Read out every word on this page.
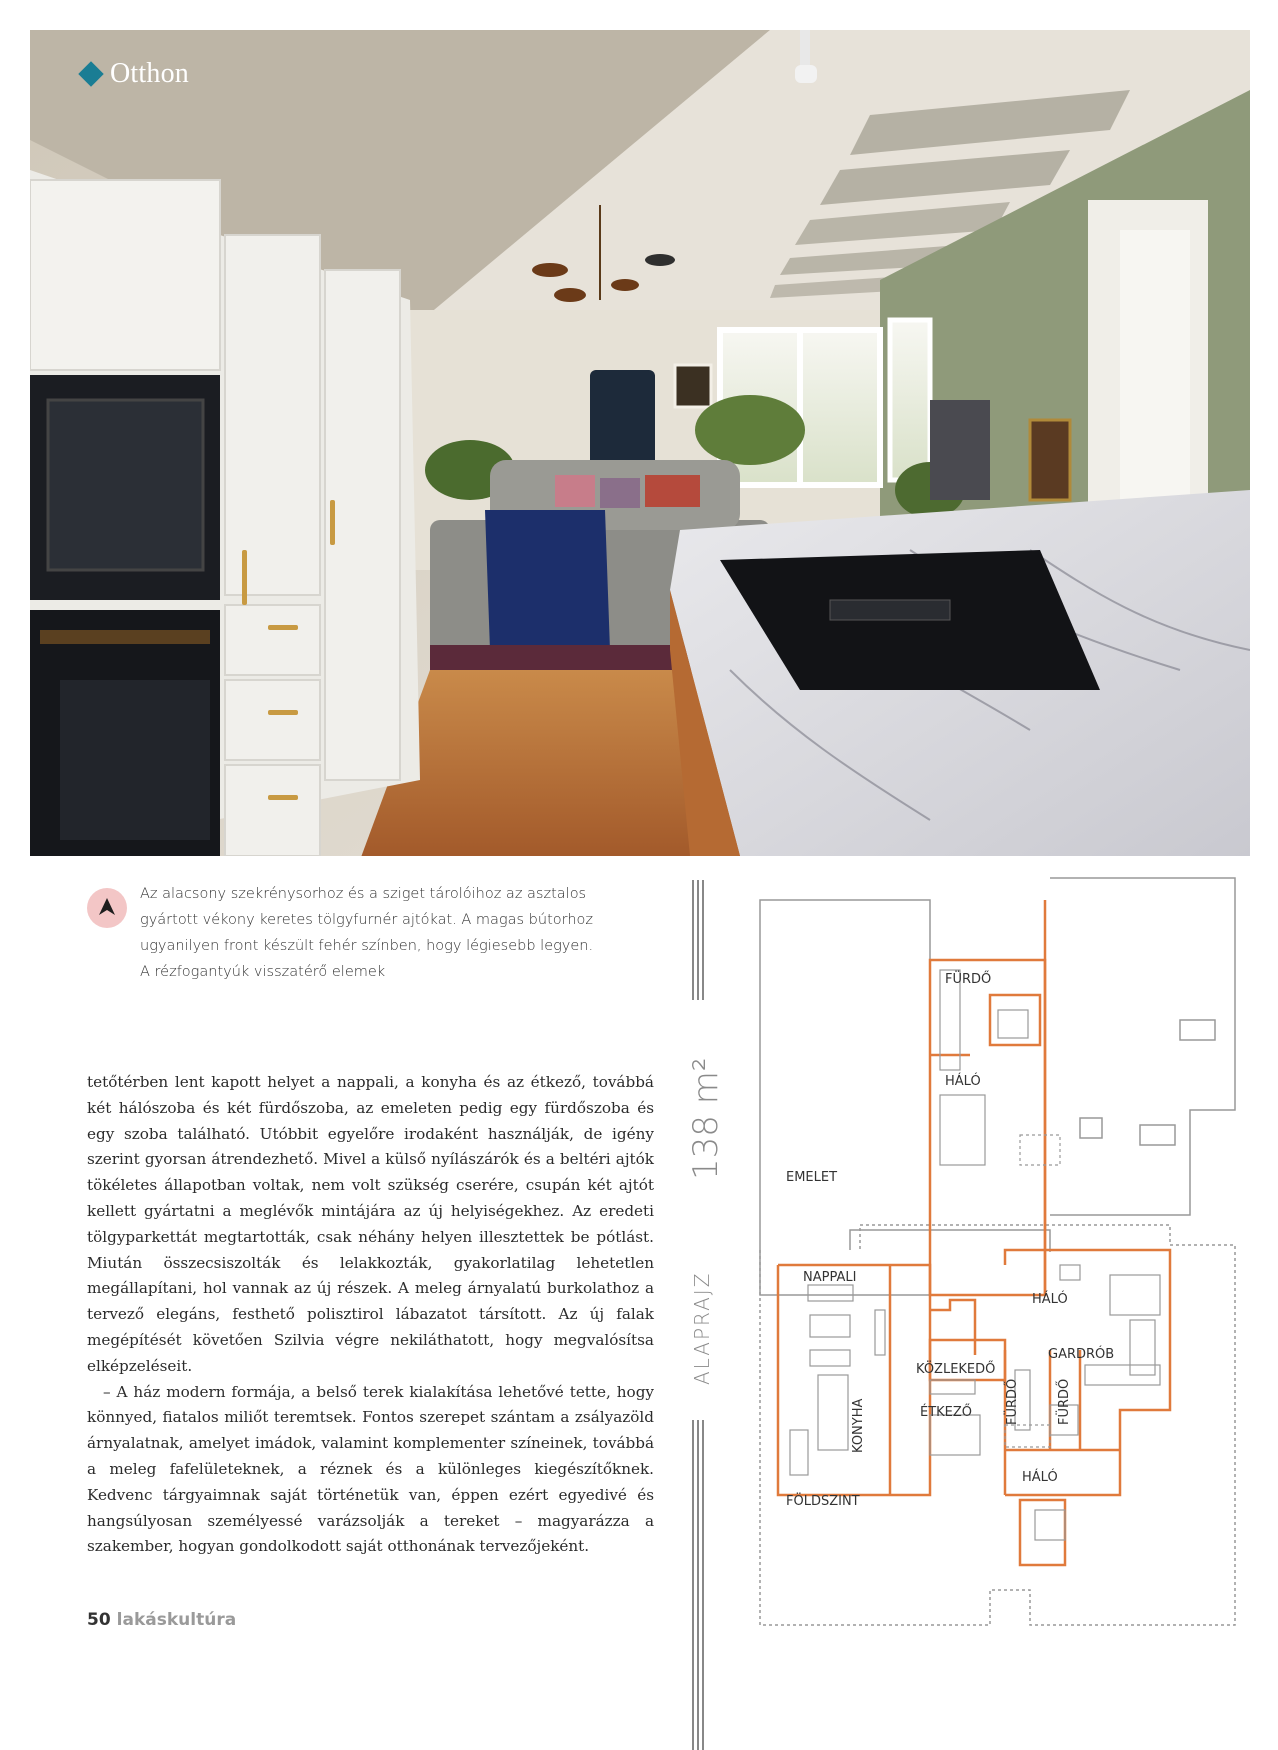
Otthon
Az alacsony szekrénysorhoz és a sziget tárolóihoz az asztalos
gyártott vékony keretes tölgyfurnér ajtókat. A magas bútorhoz
ugyanilyen front készült fehér színben, hogy légiesebb legyen.
A rézfogantyúk visszatérő elemek

tetőtérben lent kapott helyet a nappali, a konyha és az étkező, továbbá két hálószoba és két fürdőszoba, az emeleten pedig egy fürdőszoba és egy szoba található. Utóbbit egyelőre irodaként használják, de igény szerint gyorsan átrendezhető. Mivel a külső nyílászárók és a beltéri ajtók tökéletes állapotban voltak, nem volt szükség cserére, csupán két ajtót kellett gyártatni a meglévők mintájára az új helyiségekhez. Az eredeti tölgyparkettát megtartották, csak néhány helyen illesztettek be pótlást. Miután összecsiszolták és lelakkozták, gyakorlatilag lehetetlen megállapítani, hol vannak az új részek. A meleg árnyalatú burkolathoz a tervező elegáns, festhető polisztirol lábazatot társított. Az új falak megépítését követően Szilvia végre nekiláthatott, hogy megvalósítsa elképzeléseit.

– A ház modern formája, a belső terek kialakítása lehetővé tette, hogy könnyed, fiatalos miliőt teremtsek. Fontos szerepet szántam a zsályazöld árnyalatnak, amelyet imádok, valamint komplementer színeinek, továbbá a meleg fafelületeknek, a réznek és a különleges kiegészítőknek. Kedvenc tárgyaimnak saját történetük van, éppen ezért egyedivé és hangsúlyosan személyessé varázsolják a tereket – magyarázza a szakember, hogyan gondolkodott saját otthonának tervezőjeként.

138 m²
ALAPRAJZ
EMELET
FÖLDSZINT
FÜRDŐ
HÁLÓ
NAPPALI
HÁLÓ
GARDRÓB
KÖZLEKEDŐ
ÉTKEZŐ
KONYHA	FÜRDŐ	FÜRDŐ
HÁLÓ
50 lakáskultúra
